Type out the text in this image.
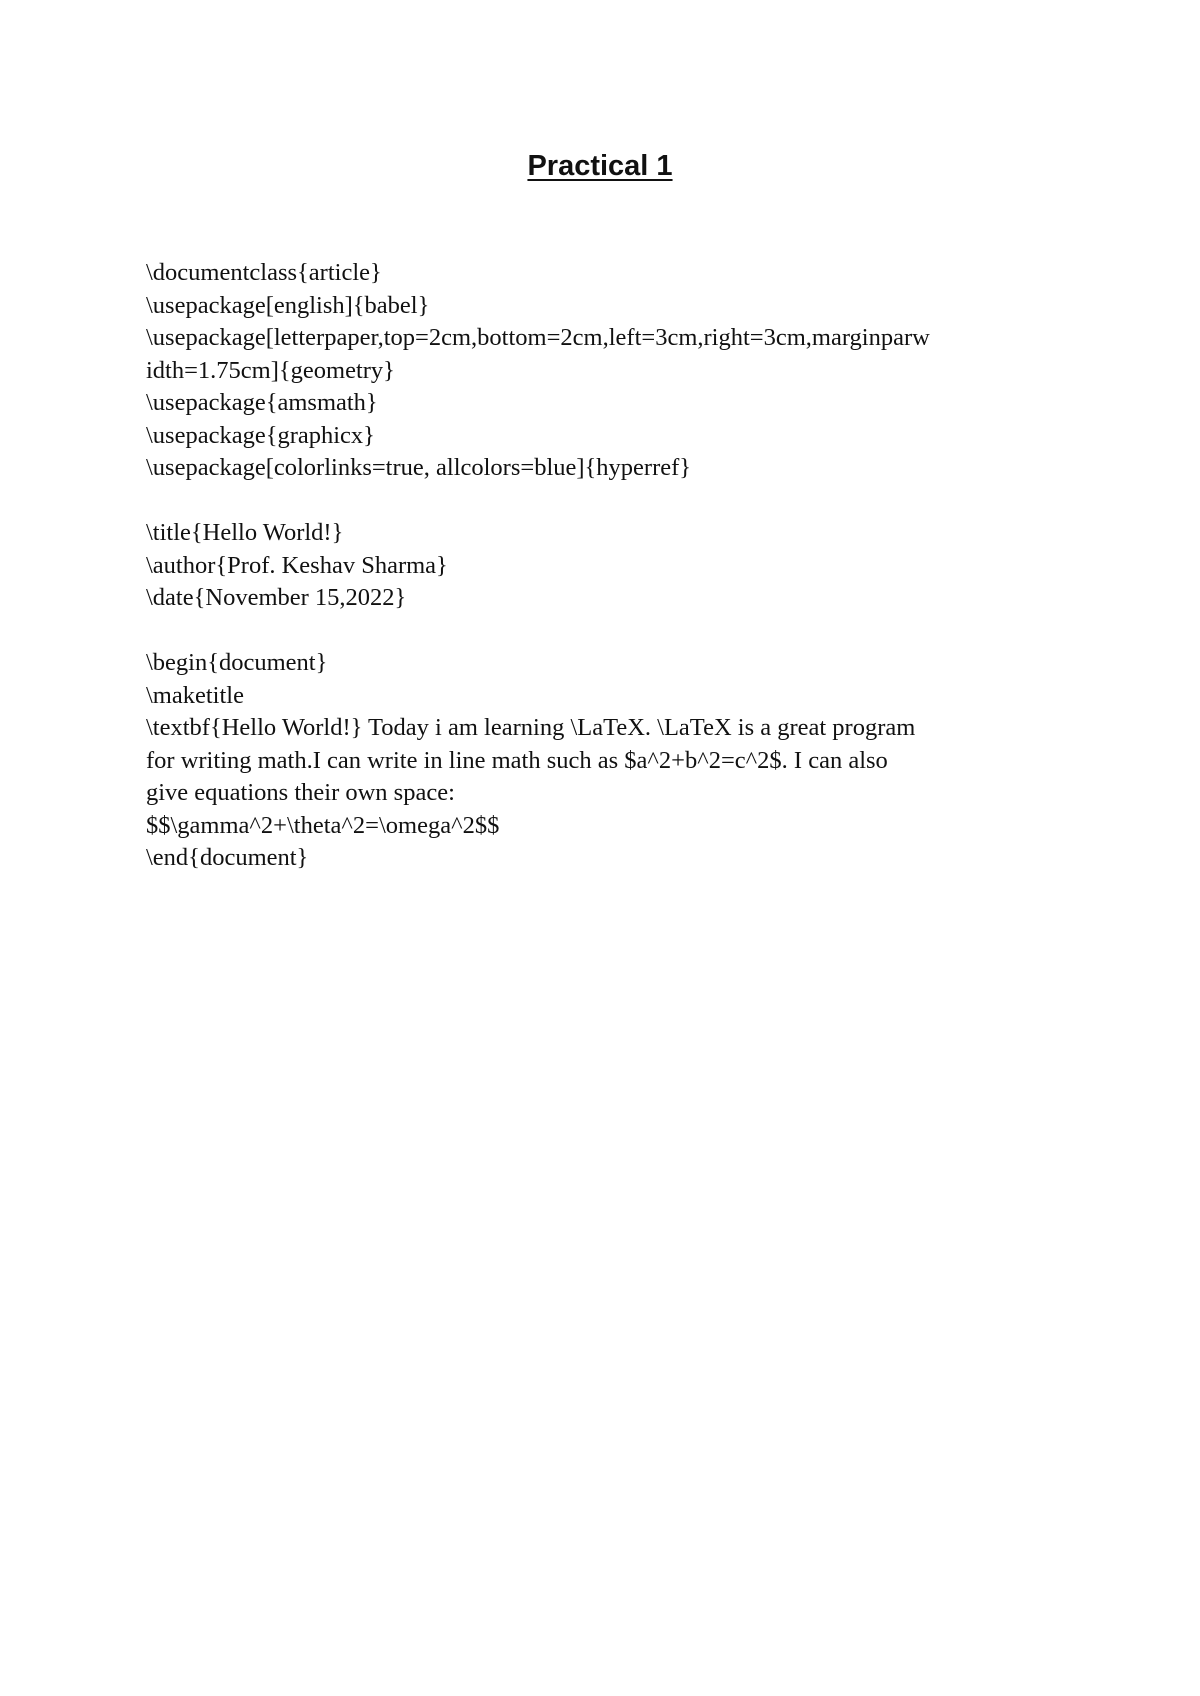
Practical 1
\documentclass{article}
\usepackage[english]{babel}
\usepackage[letterpaper,top=2cm,bottom=2cm,left=3cm,right=3cm,marginparw
idth=1.75cm]{geometry}
\usepackage{amsmath}
\usepackage{graphicx}
\usepackage[colorlinks=true, allcolors=blue]{hyperref}
\title{Hello World!}
\author{Prof. Keshav Sharma}
\date{November 15,2022}
\begin{document}
\maketitle
\textbf{Hello World!} Today i am learning \LaTeX. \LaTeX is a great program
for writing math.I can write in line math such as $a^2+b^2=c^2$. I can also
give equations their own space:
$$\gamma^2+\theta^2=\omega^2$$
\end{document}
